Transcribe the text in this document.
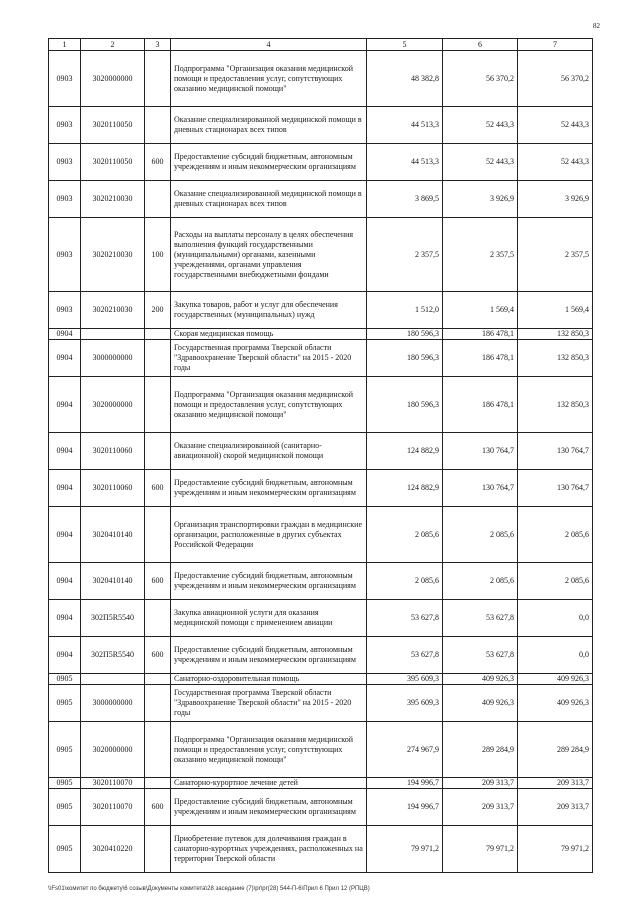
82
1	2	3	4	5	6	7
0903	3020000000		Подпрограмма "Организация оказания медицинской помощи и предоставления услуг, сопутствующих оказанию медицинской помощи"	48 382,8	56 370,2	56 370,2
0903	3020110050		Оказание специализированной медицинской помощи в дневных стационарах всех типов	44 513,3	52 443,3	52 443,3
0903	3020110050	600	Предоставление субсидий бюджетным, автономным учреждениям и иным некоммерческим организациям	44 513,3	52 443,3	52 443,3
0903	3020210030		Оказание специализированной медицинской помощи в дневных стационарах всех типов	3 869,5	3 926,9	3 926,9
0903	3020210030	100	Расходы на выплаты персоналу в целях обеспечения выполнения функций государственными (муниципальными) органами, казенными учреждениями, органами управления государственными внебюджетными фондами	2 357,5	2 357,5	2 357,5
0903	3020210030	200	Закупка товаров, работ и услуг для обеспечения государственных (муниципальных) нужд	1 512,0	1 569,4	1 569,4
0904			Скорая медицинская помощь	180 596,3	186 478,1	132 850,3
0904	3000000000		Государственная программа Тверской области "Здравоохранение Тверской области" на 2015 - 2020 годы	180 596,3	186 478,1	132 850,3
0904	3020000000		Подпрограмма "Организация оказания медицинской помощи и предоставления услуг, сопутствующих оказанию медицинской помощи"	180 596,3	186 478,1	132 850,3
0904	3020110060		Оказание специализированной (санитарно-авиационной) скорой медицинской помощи	124 882,9	130 764,7	130 764,7
0904	3020110060	600	Предоставление субсидий бюджетным, автономным учреждениям и иным некоммерческим организациям	124 882,9	130 764,7	130 764,7
0904	3020410140		Организация транспортировки граждан в медицинские организации, расположенные в других субъектах Российской Федерации	2 085,6	2 085,6	2 085,6
0904	3020410140	600	Предоставление субсидий бюджетным, автономным учреждениям и иным некоммерческим организациям	2 085,6	2 085,6	2 085,6
0904	302П5R5540		Закупка авиационной услуги для оказания медицинской помощи с применением авиации	53 627,8	53 627,8	0,0
0904	302П5R5540	600	Предоставление субсидий бюджетным, автономным учреждениям и иным некоммерческим организациям	53 627,8	53 627,8	0,0
0905			Санаторно-оздоровительная помощь	395 609,3	409 926,3	409 926,3
0905	3000000000		Государственная программа Тверской области "Здравоохранение Тверской области" на 2015 - 2020 годы	395 609,3	409 926,3	409 926,3
0905	3020000000		Подпрограмма "Организация оказания медицинской помощи и предоставления услуг, сопутствующих оказанию медицинской помощи"	274 967,9	289 284,9	289 284,9
0905	3020110070		Санаторно-курортное лечение детей	194 996,7	209 313,7	209 313,7
0905	3020110070	600	Предоставление субсидий бюджетным, автономным учреждениям и иным некоммерческим организациям	194 996,7	209 313,7	209 313,7
0905	3020410220		Приобретение путевок для долечивания граждан в санаторно-курортных учреждениях, расположенных на территории Тверской области	79 971,2	79 971,2	79 971,2
\\Fs01\комитет по бюджету\6 созыв\Документы комитета\28 заседание (7)\pr\pr(28) 544-П-6\Прил 6 Прил 12 (РПЦВ)
